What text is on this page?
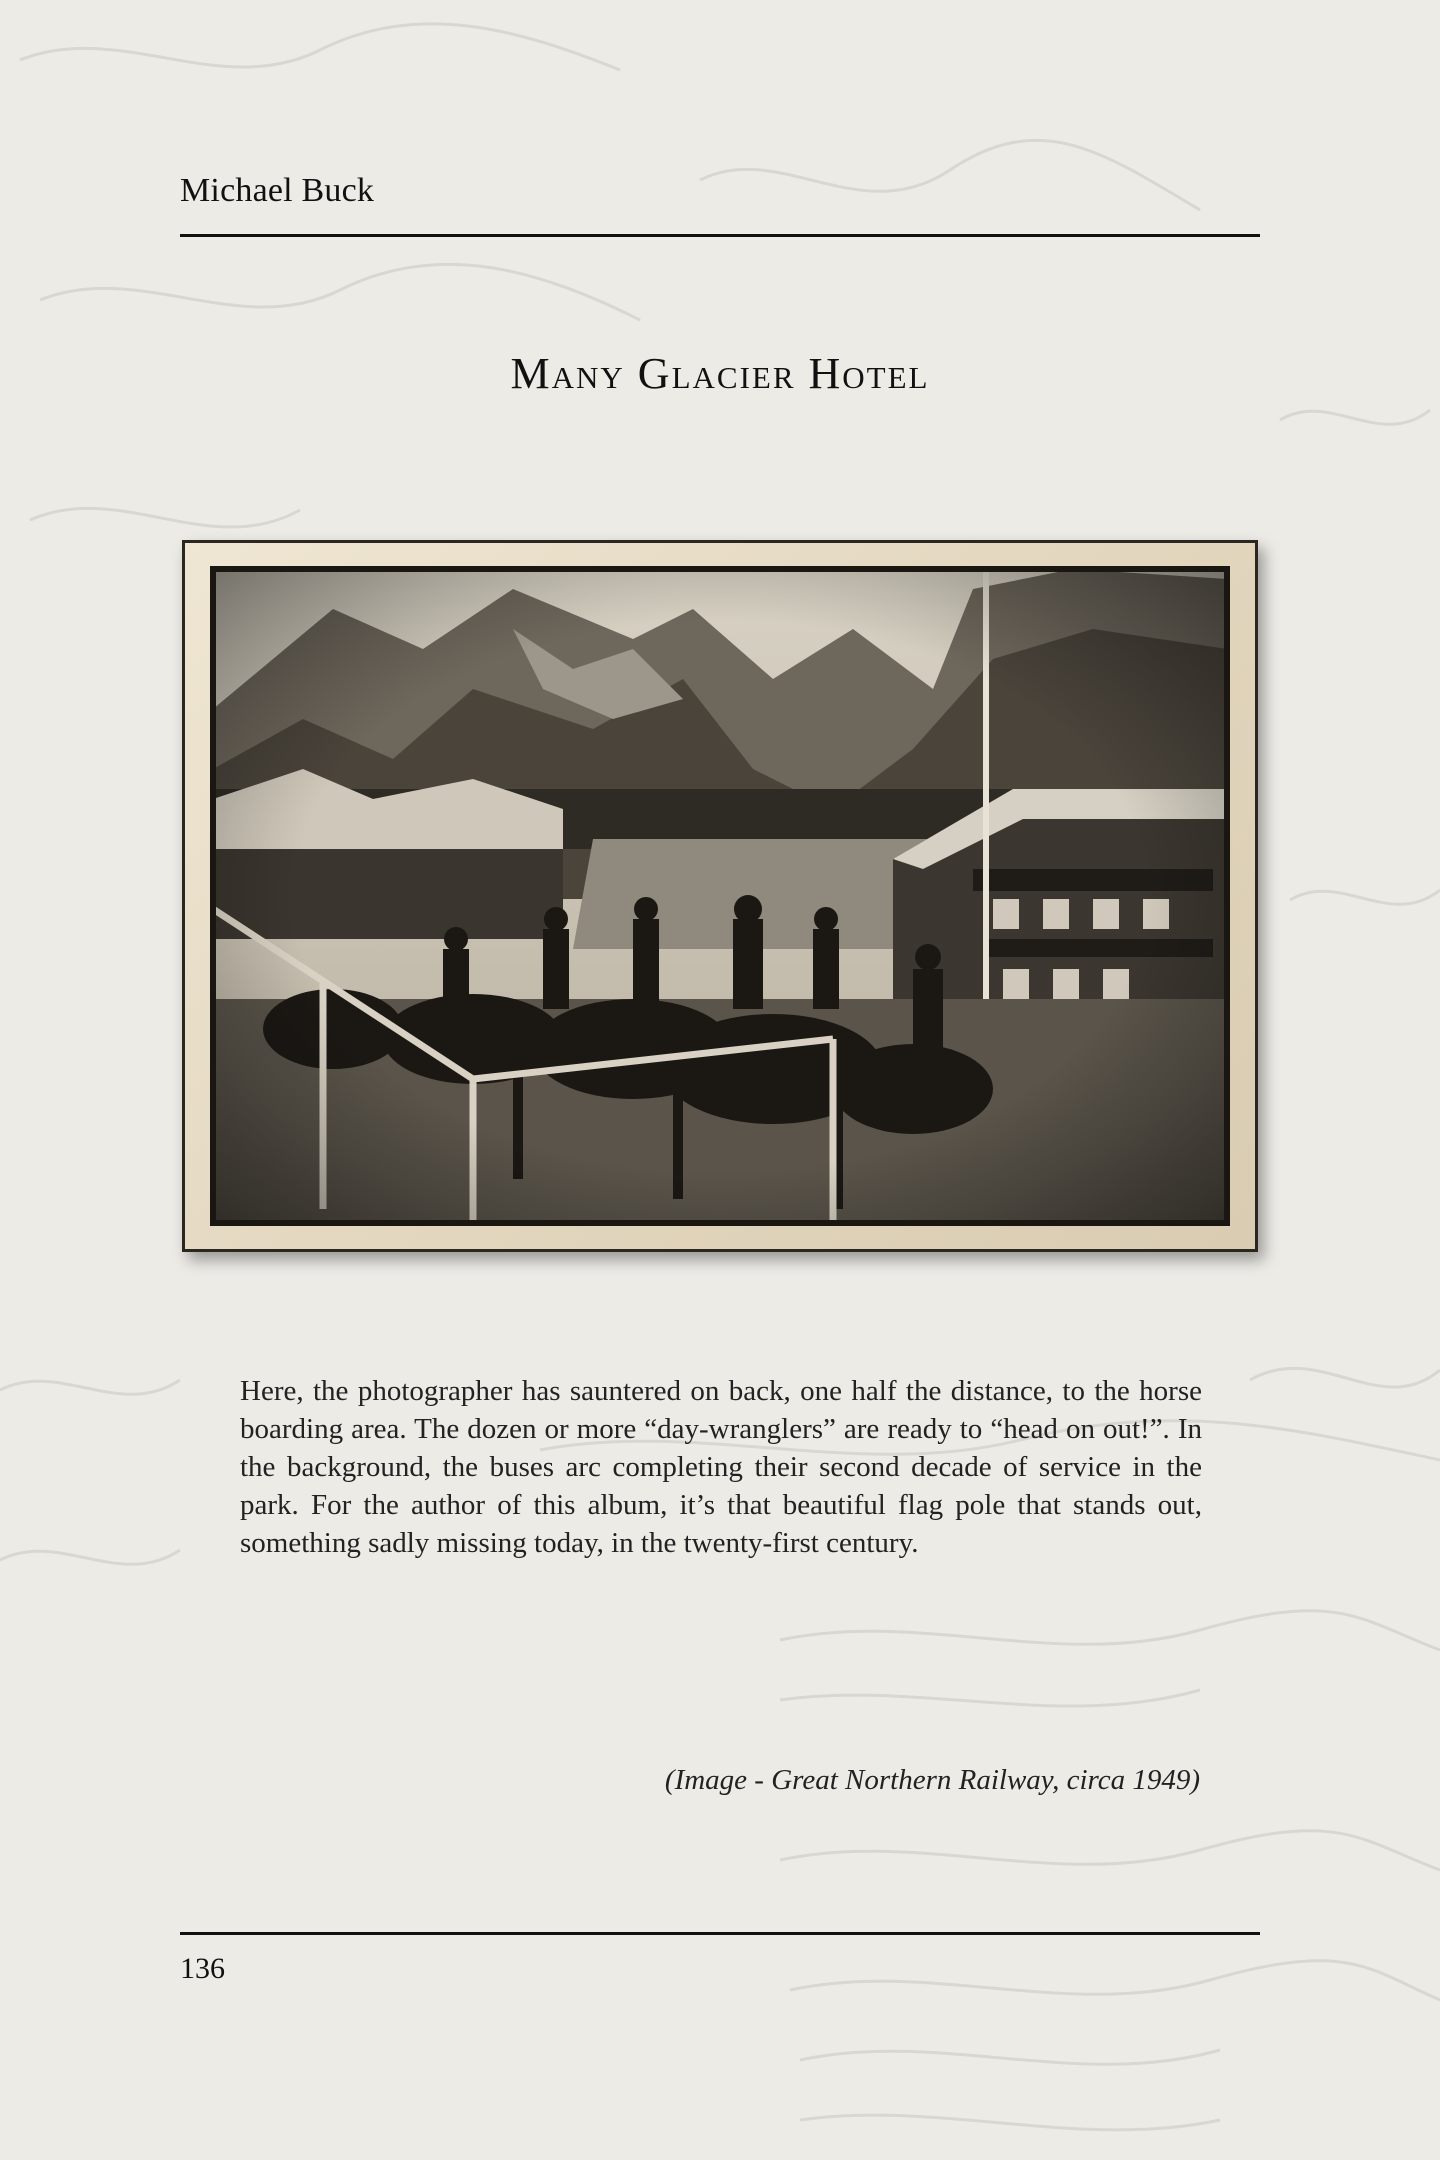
Michael Buck
Many Glacier Hotel
Here, the photographer has sauntered on back, one half the distance, to the horse boarding area. The dozen or more “day-wranglers” are ready to “head on out!”. In the background, the buses arc completing their second decade of service in the park. For the author of this album, it’s that beautiful flag pole that stands out, something sadly missing today, in the twenty-first century.
(Image - Great Northern Railway, circa 1949)
136
